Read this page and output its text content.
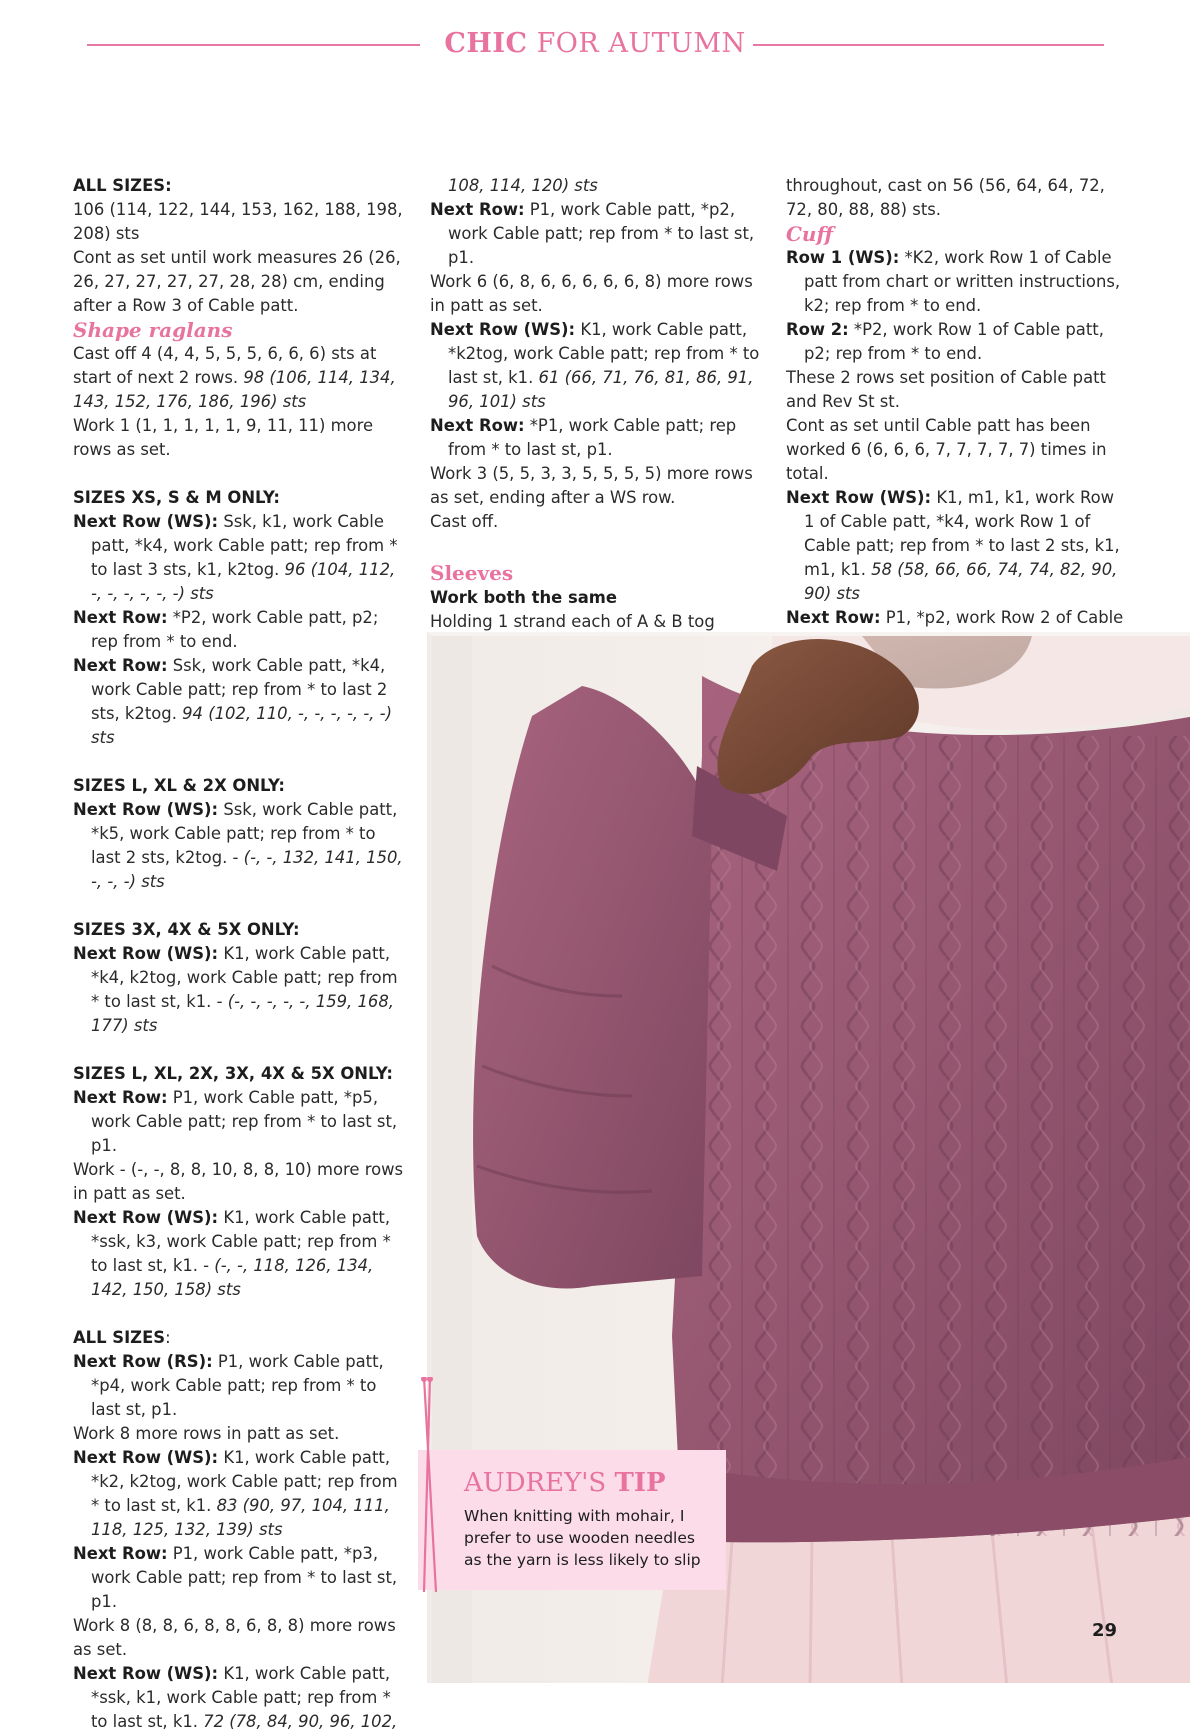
CHIC FOR AUTUMN

ALL SIZES:

106 (114, 122, 144, 153, 162, 188, 198, 208) sts

Cont as set until work measures 26 (26, 26, 27, 27, 27, 27, 28, 28) cm, ending after a Row 3 of Cable patt.

Shape raglans

Cast off 4 (4, 4, 5, 5, 5, 6, 6, 6) sts at start of next 2 rows. 98 (106, 114, 134, 143, 152, 176, 186, 196) sts

Work 1 (1, 1, 1, 1, 1, 9, 11, 11) more rows as set.

SIZES XS, S & M ONLY:

Next Row (WS): Ssk, k1, work Cable patt, *k4, work Cable patt; rep from * to last 3 sts, k1, k2tog. 96 (104, 112, -, -, -, -, -, -) sts

Next Row: *P2, work Cable patt, p2; rep from * to end.

Next Row: Ssk, work Cable patt, *k4, work Cable patt; rep from * to last 2 sts, k2tog. 94 (102, 110, -, -, -, -, -, -) sts

SIZES L, XL & 2X ONLY:

Next Row (WS): Ssk, work Cable patt, *k5, work Cable patt; rep from * to last 2 sts, k2tog. - (-, -, 132, 141, 150, -, -, -) sts

SIZES 3X, 4X & 5X ONLY:

Next Row (WS): K1, work Cable patt, *k4, k2tog, work Cable patt; rep from * to last st, k1. - (-, -, -, -, -, 159, 168, 177) sts

SIZES L, XL, 2X, 3X, 4X & 5X ONLY:

Next Row: P1, work Cable patt, *p5, work Cable patt; rep from * to last st, p1.

Work - (-, -, 8, 8, 10, 8, 8, 10) more rows in patt as set.

Next Row (WS): K1, work Cable patt, *ssk, k3, work Cable patt; rep from * to last st, k1. - (-, -, 118, 126, 134, 142, 150, 158) sts

ALL SIZES:

Next Row (RS): P1, work Cable patt, *p4, work Cable patt; rep from * to last st, p1.

Work 8 more rows in patt as set.

Next Row (WS): K1, work Cable patt, *k2, k2tog, work Cable patt; rep from * to last st, k1. 83 (90, 97, 104, 111, 118, 125, 132, 139) sts

Next Row: P1, work Cable patt, *p3, work Cable patt; rep from * to last st, p1.

Work 8 (8, 8, 6, 8, 8, 6, 8, 8) more rows as set.

Next Row (WS): K1, work Cable patt, *ssk, k1, work Cable patt; rep from * to last st, k1. 72 (78, 84, 90, 96, 102,

108, 114, 120) sts

Next Row: P1, work Cable patt, *p2, work Cable patt; rep from * to last st, p1.

Work 6 (6, 8, 6, 6, 6, 6, 6, 8) more rows in patt as set.

Next Row (WS): K1, work Cable patt, *k2tog, work Cable patt; rep from * to last st, k1. 61 (66, 71, 76, 81, 86, 91, 96, 101) sts

Next Row: *P1, work Cable patt; rep from * to last st, p1.

Work 3 (5, 5, 3, 3, 5, 5, 5, 5) more rows as set, ending after a WS row.

Cast off.

Sleeves

Work both the same

Holding 1 strand each of A & B tog

throughout, cast on 56 (56, 64, 64, 72, 72, 80, 88, 88) sts.

Cuff

Row 1 (WS): *K2, work Row 1 of Cable patt from chart or written instructions, k2; rep from * to end.

Row 2: *P2, work Row 1 of Cable patt, p2; rep from * to end.

These 2 rows set position of Cable patt and Rev St st.

Cont as set until Cable patt has been worked 6 (6, 6, 6, 7, 7, 7, 7, 7) times in total.

Next Row (WS): K1, m1, k1, work Row 1 of Cable patt, *k4, work Row 1 of Cable patt; rep from * to last 2 sts, k1, m1, k1. 58 (58, 66, 66, 74, 74, 82, 90, 90) sts

Next Row: P1, *p2, work Row 2 of Cable

AUDREY'S TIP
When knitting with mohair, I prefer to use wooden needles as the yarn is less likely to slip
29
